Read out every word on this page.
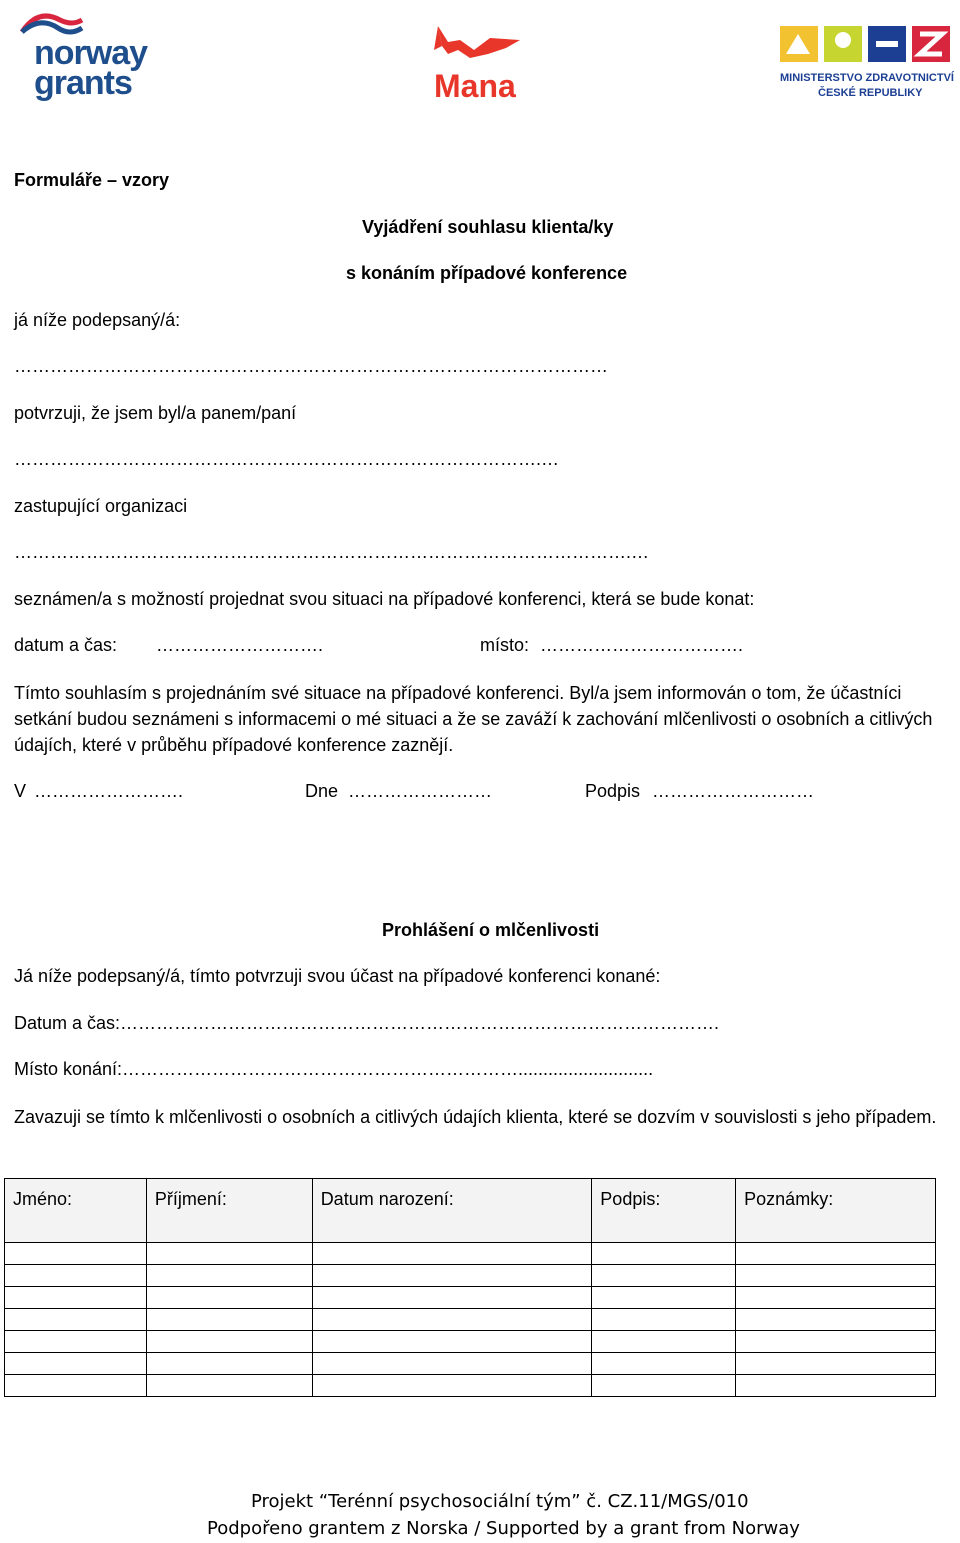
norway
grants	Mana	MINISTERSTVO ZDRAVOTNICTVÍ
ČESKÉ REPUBLIKY
Formuláře – vzory
Vyjádření souhlasu klienta/ky
s konáním případové konference
já níže podepsaný/á:
………………………………………………………………………………………
potvrzuji, že jsem byl/a panem/paní
…………………………………………………………………………….…
zastupující organizaci
………………………………………………………………………………………….…
seznámen/a s možností projednat svou situaci na případové konferenci, která se bude konat:
datum a čas: ……………………….	místo: …………………………….
Tímto souhlasím s projednáním své situace na případové konferenci. Byl/a jsem informován o tom, že účastníci setkání budou seznámeni s informacemi o mé situaci a že se zaváží k zachování mlčenlivosti o osobních a citlivých údajích, které v průběhu případové konference zaznějí.
V …………………….	Dne ……………………	Podpis ………………………
Prohlášení o mlčenlivosti
Já níže podepsaný/á, tímto potvrzuji svou účast na případové konferenci konané:
Datum a čas:……………………………………………………………………………………….
Místo konání:…………………………………………………………...........................
Zavazuji se tímto k mlčenlivosti o osobních a citlivých údajích klienta, které se dozvím v souvislosti s jeho případem.
Jméno:	Příjmení:	Datum narození:	Podpis:	Poznámky:

Projekt “Terénní psychosociální tým” č. CZ.11/MGS/010
Podpořeno grantem z Norska / Supported by a grant from Norway
